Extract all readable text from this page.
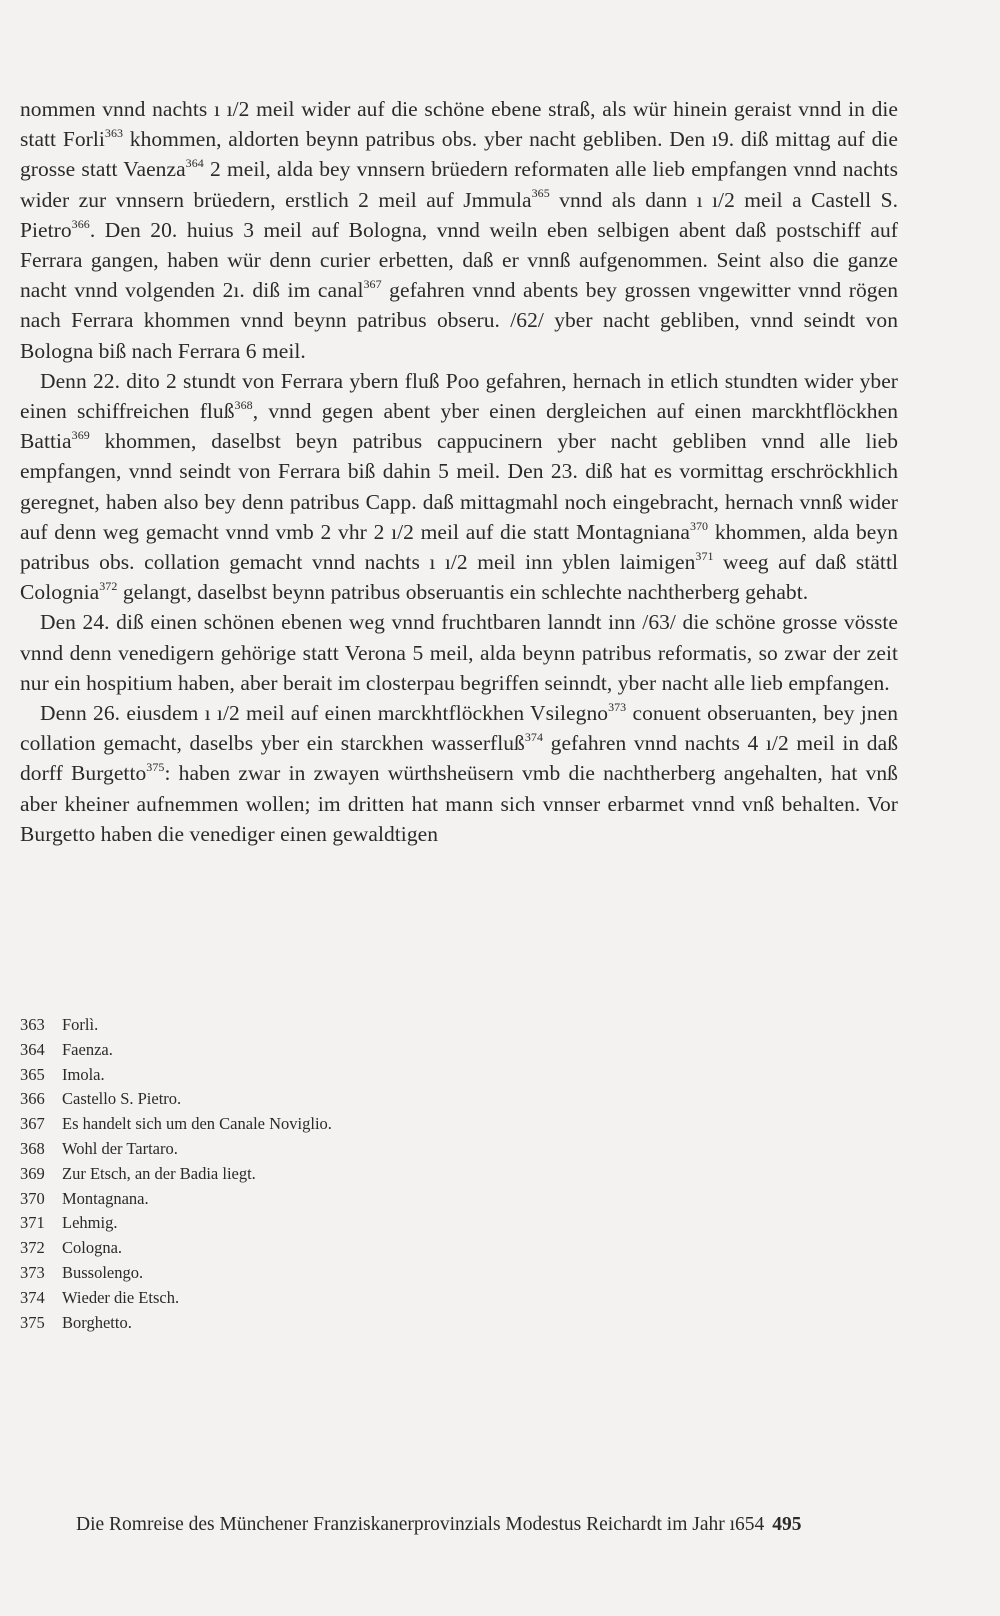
nommen vnnd nachts ı ı/2 meil wider auf die schöne ebene straß, als wür hinein geraist vnnd in die statt Forli$^{363}$ khommen, aldorten beynn patribus obs. yber nacht gebliben. Den ı9. diß mittag auf die grosse statt Vaenza$^{364}$ 2 meil, alda bey vnnsern brüedern reformaten alle lieb empfangen vnnd nachts wider zur vnnsern brüedern, erstlich 2 meil auf Jmmula$^{365}$ vnnd als dann ı ı/2 meil a Castell S. Pietro$^{366}$. Den 20. huius 3 meil auf Bologna, vnnd weiln eben selbigen abent daß postschiff auf Ferrara gangen, haben wür denn curier erbetten, daß er vnnß aufgenommen. Seint also die ganze nacht vnnd volgenden 2ı. diß im canal$^{367}$ gefahren vnnd abents bey grossen vngewitter vnnd rögen nach Ferrara khommen vnnd beynn patribus obseru. /62/ yber nacht gebliben, vnnd seindt von Bologna biß nach Ferrara 6 meil.

Denn 22. dito 2 stundt von Ferrara ybern fluß Poo gefahren, hernach in etlich stundten wider yber einen schiffreichen fluß$^{368}$, vnnd gegen abent yber einen dergleichen auf einen marckhtflöckhen Battia$^{369}$ khommen, daselbst beyn patribus cappucinern yber nacht gebliben vnnd alle lieb empfangen, vnnd seindt von Ferrara biß dahin 5 meil. Den 23. diß hat es vormittag erschröckhlich geregnet, haben also bey denn patribus Capp. daß mittagmahl noch eingebracht, hernach vnnß wider auf denn weg gemacht vnnd vmb 2 vhr 2 ı/2 meil auf die statt Montagniana$^{370}$ khommen, alda beyn patribus obs. collation gemacht vnnd nachts ı ı/2 meil inn yblen laimigen$^{371}$ weeg auf daß stättl Colognia$^{372}$ gelangt, daselbst beynn patribus obseruantis ein schlechte nachtherberg gehabt.

Den 24. diß einen schönen ebenen weg vnnd fruchtbaren lanndt inn /63/ die schöne grosse vösste vnnd denn venedigern gehörige statt Verona 5 meil, alda beynn patribus reformatis, so zwar der zeit nur ein hospitium haben, aber berait im closterpau begriffen seinndt, yber nacht alle lieb empfangen.

Denn 26. eiusdem ı ı/2 meil auf einen marckhtflöckhen Vsilegno$^{373}$ conuent obseruanten, bey jnen collation gemacht, daselbs yber ein starckhen wasserfluß$^{374}$ gefahren vnnd nachts 4 ı/2 meil in daß dorff Burgetto$^{375}$: haben zwar in zwayen würthsheüsern vmb die nachtherberg angehalten, hat vnß aber kheiner aufnemmen wollen; im dritten hat mann sich vnnser erbarmet vnnd vnß behalten. Vor Burgetto haben die venediger einen gewaldtigen

363	Forlì.
364	Faenza.
365	Imola.
366	Castello S. Pietro.
367	Es handelt sich um den Canale Noviglio.
368	Wohl der Tartaro.
369	Zur Etsch, an der Badia liegt.
370	Montagnana.
371	Lehmig.
372	Cologna.
373	Bussolengo.
374	Wieder die Etsch.
375	Borghetto.
Die Romreise des Münchener Franziskanerprovinzials Modestus Reichardt im Jahr ı654 495
